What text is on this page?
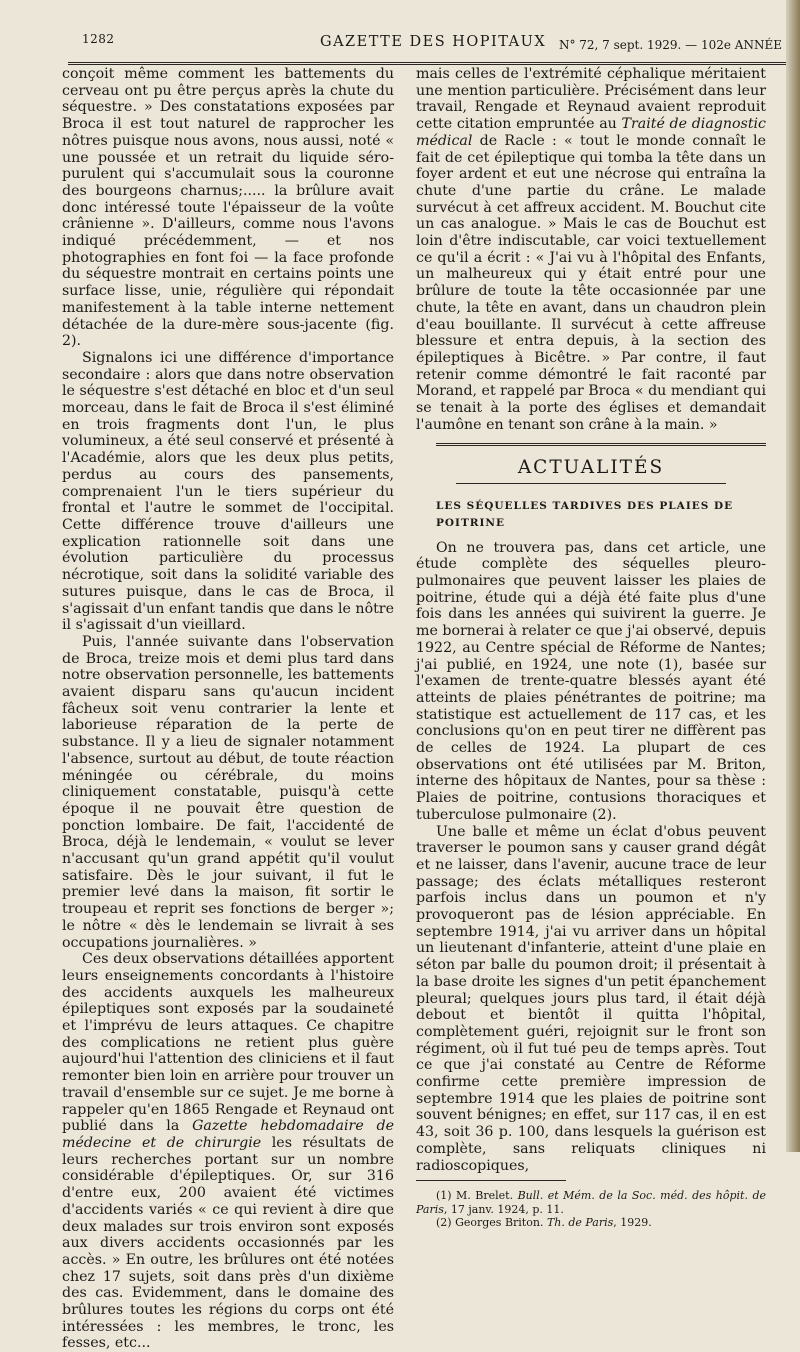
1282	GAZETTE DES HOPITAUX N° 72, 7 sept. 1929. — 102e ANNÉE

conçoit même comment les battements du cerveau ont pu être perçus après la chute du séquestre. » Des constatations exposées par Broca il est tout naturel de rapprocher les nôtres puisque nous avons, nous aussi, noté « une poussée et un retrait du liquide séro-purulent qui s'accumulait sous la couronne des bourgeons charnus;..... la brûlure avait donc intéressé toute l'épaisseur de la voûte crânienne ». D'ailleurs, comme nous l'avons indiqué précédemment, — et nos photographies en font foi — la face profonde du séquestre montrait en certains points une surface lisse, unie, régulière qui répondait manifestement à la table interne nettement détachée de la dure-mère sous-jacente (fig. 2).

Signalons ici une différence d'importance secondaire : alors que dans notre observation le séquestre s'est détaché en bloc et d'un seul morceau, dans le fait de Broca il s'est éliminé en trois fragments dont l'un, le plus volumineux, a été seul conservé et présenté à l'Académie, alors que les deux plus petits, perdus au cours des pansements, comprenaient l'un le tiers supérieur du frontal et l'autre le sommet de l'occipital. Cette différence trouve d'ailleurs une explication rationnelle soit dans une évolution particulière du processus nécrotique, soit dans la solidité variable des sutures puisque, dans le cas de Broca, il s'agissait d'un enfant tandis que dans le nôtre il s'agissait d'un vieillard.

Puis, l'année suivante dans l'observation de Broca, treize mois et demi plus tard dans notre observation personnelle, les battements avaient disparu sans qu'aucun incident fâcheux soit venu contrarier la lente et laborieuse réparation de la perte de substance. Il y a lieu de signaler notamment l'absence, surtout au début, de toute réaction méningée ou cérébrale, du moins cliniquement constatable, puisqu'à cette époque il ne pouvait être question de ponction lombaire. De fait, l'accidenté de Broca, déjà le lendemain, « voulut se lever n'accusant qu'un grand appétit qu'il voulut satisfaire. Dès le jour suivant, il fut le premier levé dans la maison, fit sortir le troupeau et reprit ses fonctions de berger »; le nôtre « dès le lendemain se livrait à ses occupations journalières. »

Ces deux observations détaillées apportent leurs enseignements concordants à l'histoire des accidents auxquels les malheureux épileptiques sont exposés par la soudaineté et l'imprévu de leurs attaques. Ce chapitre des complications ne retient plus guère aujourd'hui l'attention des cliniciens et il faut remonter bien loin en arrière pour trouver un travail d'ensemble sur ce sujet. Je me borne à rappeler qu'en 1865 Rengade et Reynaud ont publié dans la Gazette hebdomadaire de médecine et de chirurgie les résultats de leurs recherches portant sur un nombre considérable d'épileptiques. Or, sur 316 d'entre eux, 200 avaient été victimes d'accidents variés « ce qui revient à dire que deux malades sur trois environ sont exposés aux divers accidents occasionnés par les accès. » En outre, les brûlures ont été notées chez 17 sujets, soit dans près d'un dixième des cas. Evidemment, dans le domaine des brûlures toutes les régions du corps ont été intéressées : les membres, le tronc, les fesses, etc...

mais celles de l'extrémité céphalique méritaient une mention particulière. Précisément dans leur travail, Rengade et Reynaud avaient reproduit cette citation empruntée au Traité de diagnostic médical de Racle : « tout le monde connaît le fait de cet épileptique qui tomba la tête dans un foyer ardent et eut une nécrose qui entraîna la chute d'une partie du crâne. Le malade survécut à cet affreux accident. M. Bouchut cite un cas analogue. » Mais le cas de Bouchut est loin d'être indiscutable, car voici textuellement ce qu'il a écrit : « J'ai vu à l'hôpital des Enfants, un malheureux qui y était entré pour une brûlure de toute la tête occasionnée par une chute, la tête en avant, dans un chaudron plein d'eau bouillante. Il survécut à cette affreuse blessure et entra depuis, à la section des épileptiques à Bicêtre. » Par contre, il faut retenir comme démontré le fait raconté par Morand, et rappelé par Broca « du mendiant qui se tenait à la porte des églises et demandait l'aumône en tenant son crâne à la main. »

ACTUALITÉS
LES SÉQUELLES TARDIVES DES PLAIES DE POITRINE

On ne trouvera pas, dans cet article, une étude complète des séquelles pleuro-pulmonaires que peuvent laisser les plaies de poitrine, étude qui a déjà été faite plus d'une fois dans les années qui suivirent la guerre. Je me bornerai à relater ce que j'ai observé, depuis 1922, au Centre spécial de Réforme de Nantes; j'ai publié, en 1924, une note (1), basée sur l'examen de trente-quatre blessés ayant été atteints de plaies pénétrantes de poitrine; ma statistique est actuellement de 117 cas, et les conclusions qu'on en peut tirer ne diffèrent pas de celles de 1924. La plupart de ces observations ont été utilisées par M. Briton, interne des hôpitaux de Nantes, pour sa thèse : Plaies de poitrine, contusions thoraciques et tuberculose pulmonaire (2).

Une balle et même un éclat d'obus peuvent traverser le poumon sans y causer grand dégât et ne laisser, dans l'avenir, aucune trace de leur passage; des éclats métalliques resteront parfois inclus dans un poumon et n'y provoqueront pas de lésion appréciable. En septembre 1914, j'ai vu arriver dans un hôpital un lieutenant d'infanterie, atteint d'une plaie en séton par balle du poumon droit; il présentait à la base droite les signes d'un petit épanchement pleural; quelques jours plus tard, il était déjà debout et bientôt il quitta l'hôpital, complètement guéri, rejoignit sur le front son régiment, où il fut tué peu de temps après. Tout ce que j'ai constaté au Centre de Réforme confirme cette première impression de septembre 1914 que les plaies de poitrine sont souvent bénignes; en effet, sur 117 cas, il en est 43, soit 36 p. 100, dans lesquels la guérison est complète, sans reliquats cliniques ni radioscopiques,

(1) M. Brelet. Bull. et Mém. de la Soc. méd. des hôpit. de Paris, 17 janv. 1924, p. 11.

(2) Georges Briton. Th. de Paris, 1929.
